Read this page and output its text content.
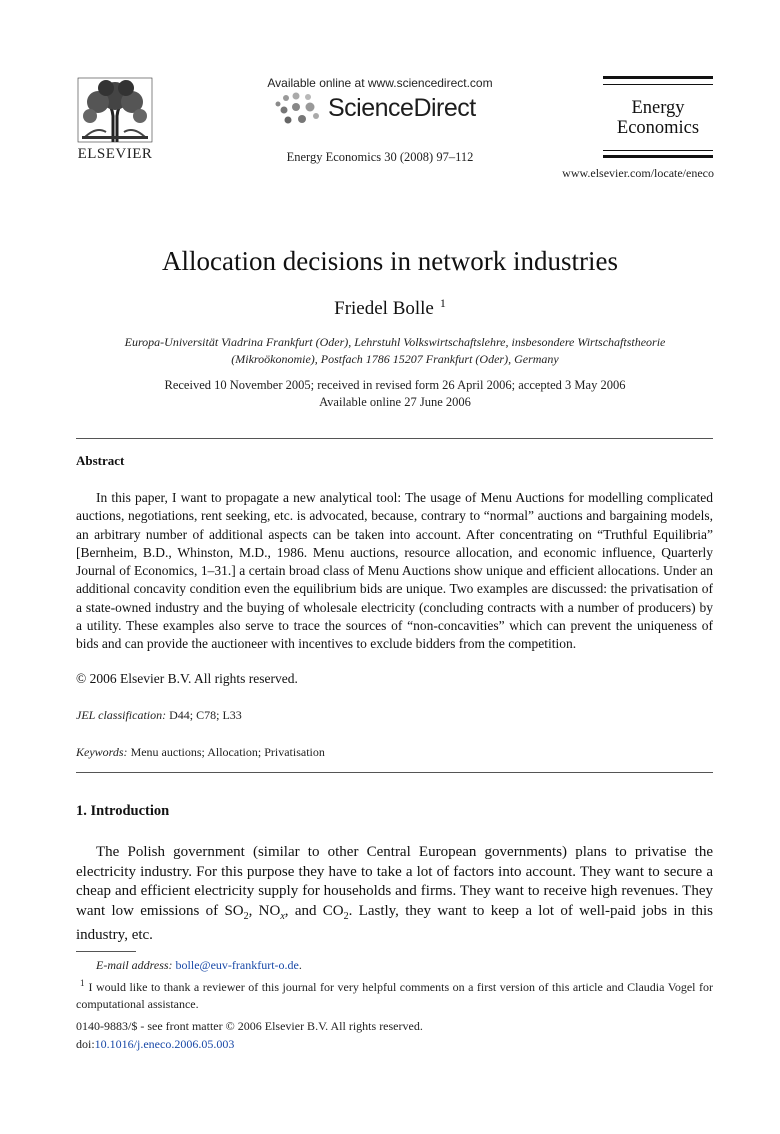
ELSEVIER
Available online at www.sciencedirect.com
ScienceDirect
Energy Economics 30 (2008) 97–112
Energy
Economics
www.elsevier.com/locate/eneco
Allocation decisions in network industries
Friedel Bolle $^1$
Europa-Universität Viadrina Frankfurt (Oder), Lehrstuhl Volkswirtschaftslehre, insbesondere Wirtschaftstheorie
(Mikroökonomie), Postfach 1786 15207 Frankfurt (Oder), Germany
Received 10 November 2005; received in revised form 26 April 2006; accepted 3 May 2006
Available online 27 June 2006
Abstract
In this paper, I want to propagate a new analytical tool: The usage of Menu Auctions for modelling complicated auctions, negotiations, rent seeking, etc. is advocated, because, contrary to “normal” auctions and bargaining models, an arbitrary number of additional aspects can be taken into account. After concentrating on “Truthful Equilibria” [Bernheim, B.D., Whinston, M.D., 1986. Menu auctions, resource allocation, and economic influence, Quarterly Journal of Economics, 1–31.] a certain broad class of Menu Auctions show unique and efficient allocations. Under an additional concavity condition even the equilibrium bids are unique. Two examples are discussed: the privatisation of a state-owned industry and the buying of wholesale electricity (concluding contracts with a number of producers) by a utility. These examples also serve to trace the sources of “non-concavities” which can prevent the uniqueness of bids and can provide the auctioneer with incentives to exclude bidders from the competition.
© 2006 Elsevier B.V. All rights reserved.
JEL classification: D44; C78; L33
Keywords: Menu auctions; Allocation; Privatisation
1. Introduction
The Polish government (similar to other Central European governments) plans to privatise the electricity industry. For this purpose they have to take a lot of factors into account. They want to secure a cheap and efficient electricity supply for households and firms. They want to receive high revenues. They want low emissions of $SO_2$, $NO_x$, and $CO_2$. Lastly, they want to keep a lot of well-paid jobs in this industry, etc.
E-mail address: bolle@euv-frankfurt-o.de.
$^1$ I would like to thank a reviewer of this journal for very helpful comments on a first version of this article and Claudia Vogel for computational assistance.
0140-9883/$ - see front matter © 2006 Elsevier B.V. All rights reserved.
doi:10.1016/j.eneco.2006.05.003
